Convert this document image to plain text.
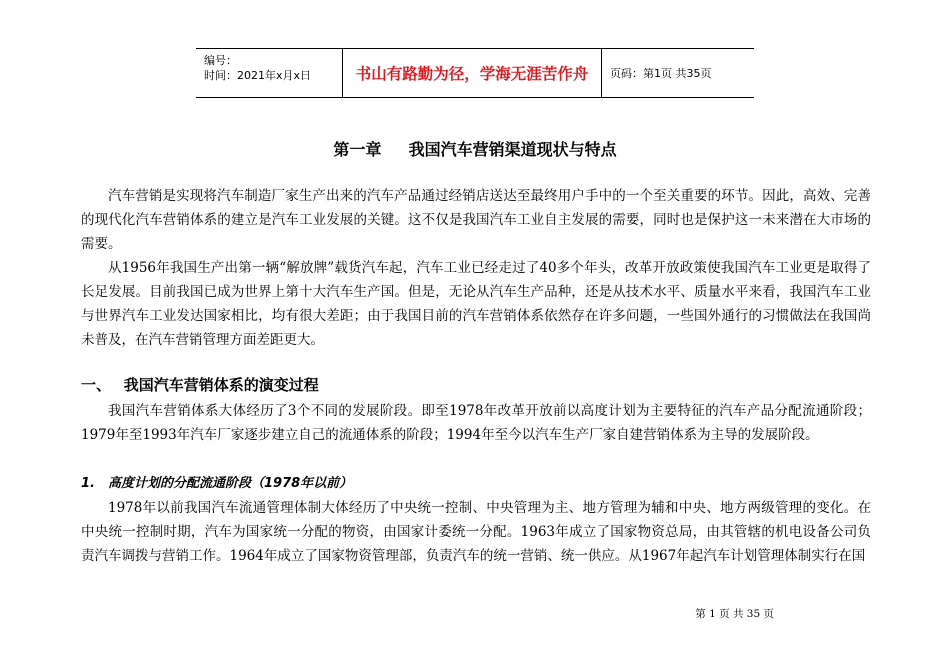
编号：
时间：2021年x月x日	书山有路勤为径，学海无涯苦作舟	页码：第1页 共35页
第一章　  我国汽车营销渠道现状与特点

汽车营销是实现将汽车制造厂家生产出来的汽车产品通过经销店送达至最终用户手中的一个至关重要的环节。因此，高效、完善的现代化汽车营销体系的建立是汽车工业发展的关键。这不仅是我国汽车工业自主发展的需要，同时也是保护这一未来潜在大市场的需要。

从1956年我国生产出第一辆“解放牌”载货汽车起，汽车工业已经走过了40多个年头，改革开放政策使我国汽车工业更是取得了长足发展。目前我国已成为世界上第十大汽车生产国。但是，无论从汽车生产品种，还是从技术水平、质量水平来看，我国汽车工业与世界汽车工业发达国家相比，均有很大差距；由于我国目前的汽车营销体系依然存在许多问题，一些国外通行的习惯做法在我国尚未普及，在汽车营销管理方面差距更大。

一、　 我国汽车营销体系的演变过程

我国汽车营销体系大体经历了3个不同的发展阶段。即至1978年改革开放前以高度计划为主要特征的汽车产品分配流通阶段；1979年至1993年汽车厂家逐步建立自己的流通体系的阶段；1994年至今以汽车生产厂家自建营销体系为主导的发展阶段。

1.　高度计划的分配流通阶段（1978年以前）

1978年以前我国汽车流通管理体制大体经历了中央统一控制、中央管理为主、地方管理为辅和中央、地方两级管理的变化。在中央统一控制时期，汽车为国家统一分配的物资，由国家计委统一分配。1963年成立了国家物资总局，由其管辖的机电设备公司负责汽车调拨与营销工作。1964年成立了国家物资管理部，负责汽车的统一营销、统一供应。从1967年起汽车计划管理体制实行在国

第 1 页 共 35 页
